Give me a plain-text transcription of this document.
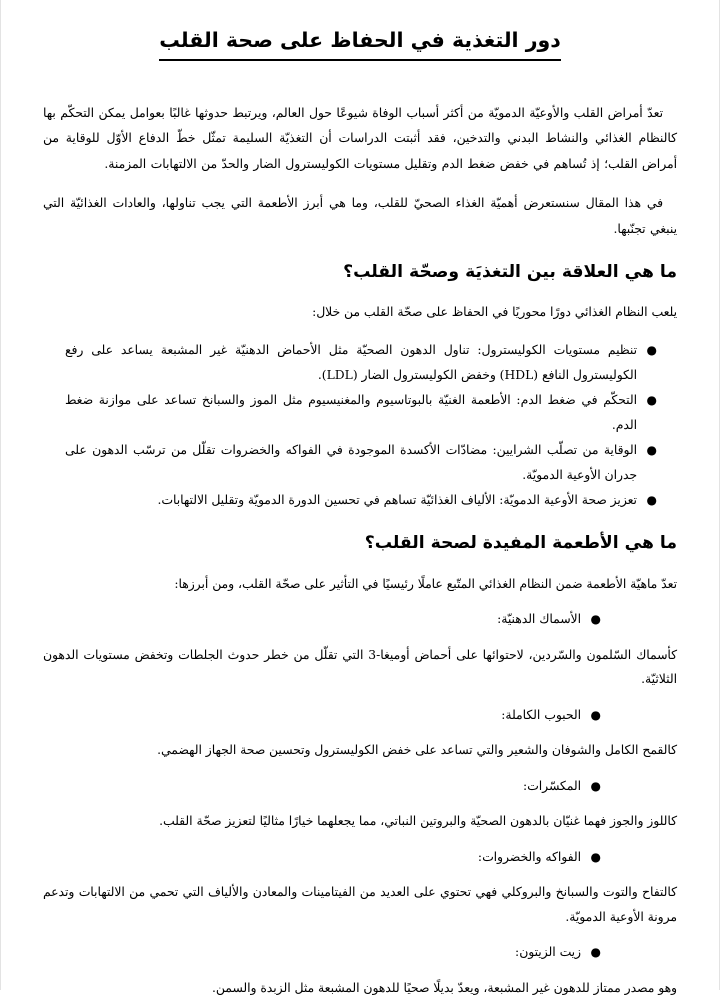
دور التغذية في الحفاظ على صحة القلب

تعدّ أمراض القلب والأوعيّة الدمويّة من أكثر أسباب الوفاة شيوعًا حول العالم، ويرتبط حدوثها غالبًا بعوامل يمكن التحكّم بها كالنظام الغذائي والنشاط البدني والتدخين، فقد أثبتت الدراسات أن التغذيّة السليمة تمثّل خطّ الدفاع الأوّل للوقاية من أمراض القلب؛ إذ تُساهم في خفض ضغط الدم وتقليل مستويات الكوليسترول الضار والحدّ من الالتهابات المزمنة.

في هذا المقال سنستعرض أهميّة الغذاء الصحيّ للقلب، وما هي أبرز الأطعمة التي يجب تناولها، والعادات الغذائيّة التي ينبغي تجنّبها.

ما هي العلاقة بين التغذيَة وصحّة القلب؟

يلعب النظام الغذائي دورًا محوريًا في الحفاظ على صحّة القلب من خلال:

●
تنظيم مستويات الكوليسترول: تناول الدهون الصحيّة مثل الأحماض الدهنيّة غير المشبعة يساعد على رفع الكوليسترول النافع (HDL) وخفض الكوليسترول الضار (LDL).
●
التحكّم في ضغط الدم: الأطعمة الغنيّة بالبوتاسيوم والمغنيسيوم مثل الموز والسبانخ تساعد على موازنة ضغط الدم.
●
الوقاية من تصلّب الشرايين: مضادّات الأكسدة الموجودة في الفواكه والخضروات تقلّل من ترسّب الدهون على جدران الأوعية الدمويّة.
●
تعزيز صحة الأوعية الدمويّة: الألياف الغذائيّة تساهم في تحسين الدورة الدمويّة وتقليل الالتهابات.
ما هي الأطعمة المفيدة لصحة القلب؟

تعدّ ماهيّة الأطعمة ضمن النظام الغذائي المتّبع عاملًا رئيسيًا في التأثير على صحّة القلب، ومن أبرزها:

●
الأسماك الدهنيّة:

كأسماك السّلمون والسّردين، لاحتوائها على أحماض أوميغا-3 التي تقلّل من خطر حدوث الجلطات وتخفض مستويات الدهون الثلاثيّة.

●
الحبوب الكاملة:

كالقمح الكامل والشوفان والشعير والتي تساعد على خفض الكوليسترول وتحسين صحة الجهاز الهضمي.

●
المكسّرات:

كاللوز والجوز فهما غنيّان بالدهون الصحيّة والبروتين النباتي، مما يجعلهما خيارًا مثاليًا لتعزيز صحّة القلب.

●
الفواكه والخضروات:

كالتفاح والتوت والسبانخ والبروكلي فهي تحتوي على العديد من الفيتامينات والمعادن والألياف التي تحمي من الالتهابات وتدعم مرونة الأوعية الدمويّة.

●
زيت الزيتون:

وهو مصدر ممتاز للدهون غير المشبعة، ويعدّ بديلًا صحيًا للدهون المشبعة مثل الزبدة والسمن.
